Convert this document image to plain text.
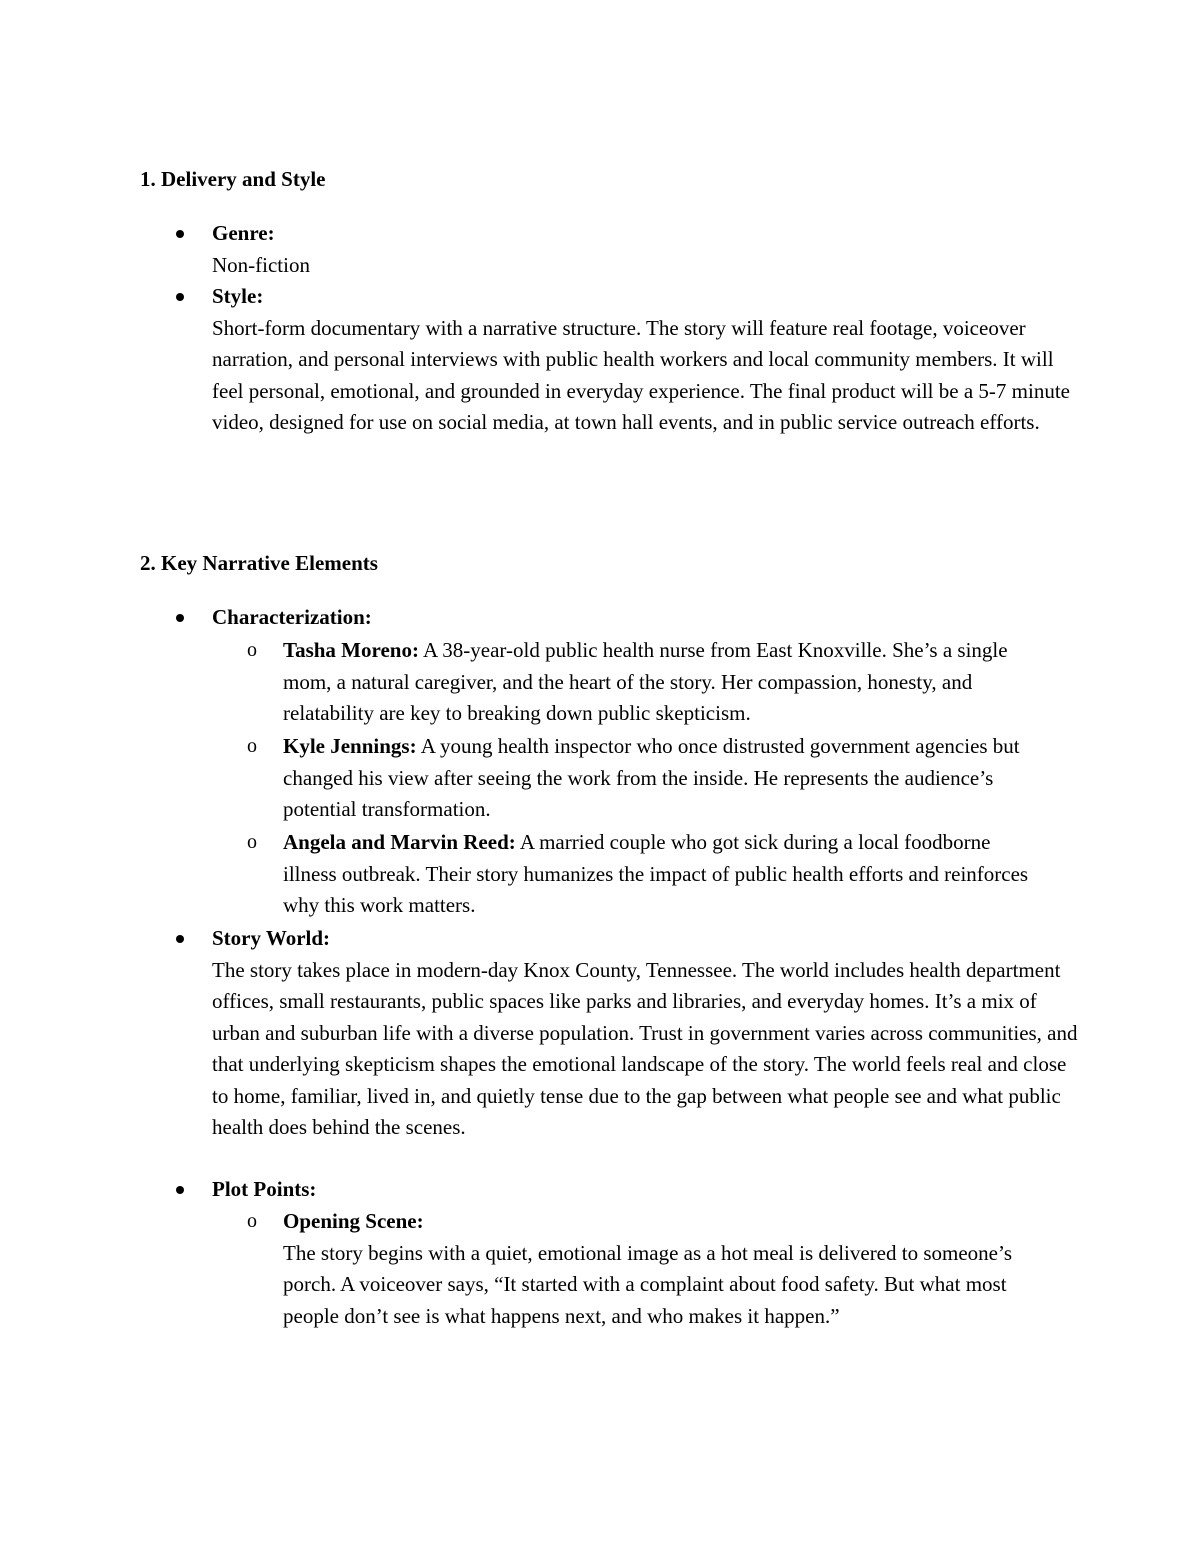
1. Delivery and Style
Genre:
Non-fiction
Style:
Short-form documentary with a narrative structure. The story will feature real footage, voiceover narration, and personal interviews with public health workers and local community members. It will feel personal, emotional, and grounded in everyday experience. The final product will be a 5-7 minute video, designed for use on social media, at town hall events, and in public service outreach efforts.
2. Key Narrative Elements
Characterization:
o Tasha Moreno: A 38-year-old public health nurse from East Knoxville. She’s a single mom, a natural caregiver, and the heart of the story. Her compassion, honesty, and relatability are key to breaking down public skepticism.
o Kyle Jennings: A young health inspector who once distrusted government agencies but changed his view after seeing the work from the inside. He represents the audience’s potential transformation.
o Angela and Marvin Reed: A married couple who got sick during a local foodborne illness outbreak. Their story humanizes the impact of public health efforts and reinforces why this work matters.
Story World:
The story takes place in modern-day Knox County, Tennessee. The world includes health department offices, small restaurants, public spaces like parks and libraries, and everyday homes. It’s a mix of urban and suburban life with a diverse population. Trust in government varies across communities, and that underlying skepticism shapes the emotional landscape of the story. The world feels real and close to home, familiar, lived in, and quietly tense due to the gap between what people see and what public health does behind the scenes.
Plot Points:
o Opening Scene:
The story begins with a quiet, emotional image as a hot meal is delivered to someone’s porch. A voiceover says, “It started with a complaint about food safety. But what most people don’t see is what happens next, and who makes it happen.”
